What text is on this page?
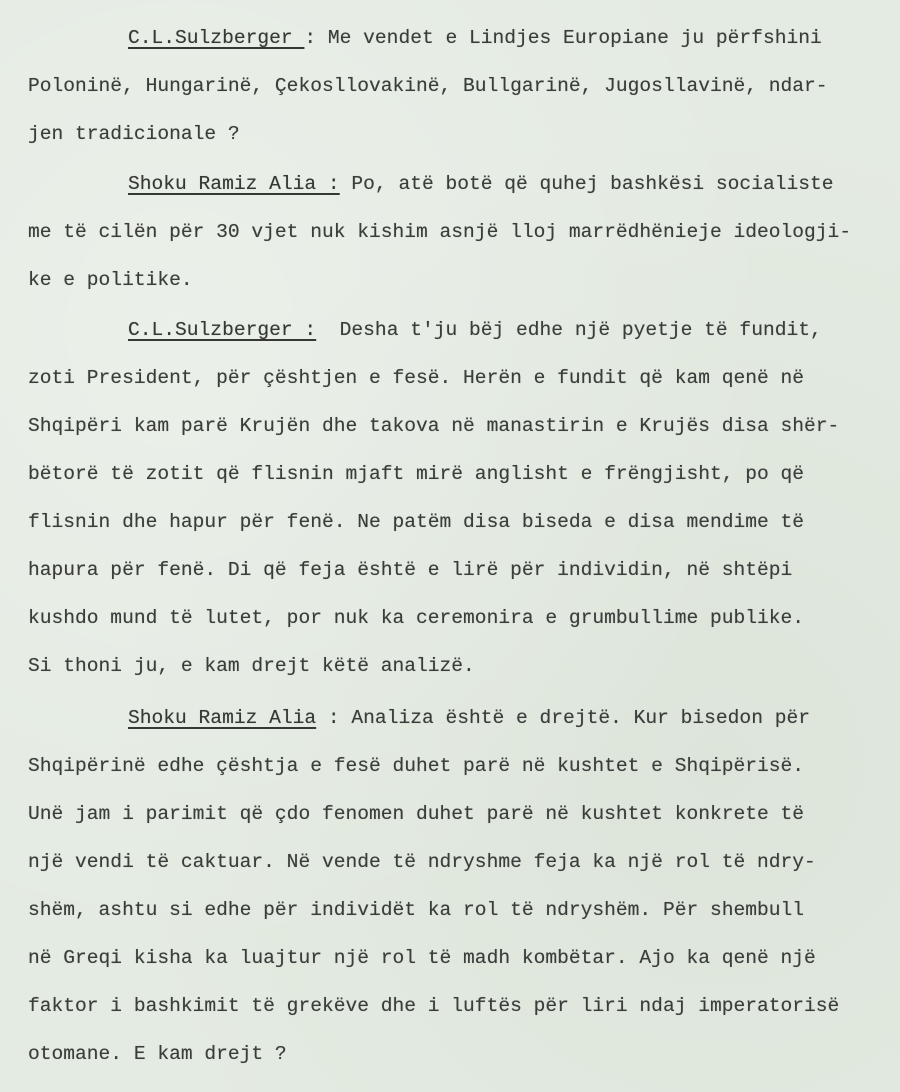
C.L.Sulzberger : Me vendet e Lindjes Europiane ju përfshini
Poloninë, Hungarinë, Çekosllovakinë, Bullgarinë, Jugosllavinë, ndar-
jen tradicionale ?
Shoku Ramiz Alia : Po, atë botë që quhej bashkësi socialiste
me të cilën për 30 vjet nuk kishim asnjë lloj marrëdhënieje ideologji-
ke e politike.
C.L.Sulzberger :  Desha t'ju bëj edhe një pyetje të fundit,
zoti President, për çështjen e fesë. Herën e fundit që kam qenë në
Shqipëri kam parë Krujën dhe takova në manastirin e Krujës disa shër-
bëtorë të zotit që flisnin mjaft mirë anglisht e frëngjisht, po që
flisnin dhe hapur për fenë. Ne patëm disa biseda e disa mendime të
hapura për fenë. Di që feja është e lirë për individin, në shtëpi
kushdo mund të lutet, por nuk ka ceremonira e grumbullime publike.
Si thoni ju, e kam drejt këtë analizë.
Shoku Ramiz Alia : Analiza është e drejtë. Kur bisedon për
Shqipërinë edhe çështja e fesë duhet parë në kushtet e Shqipërisë.
Unë jam i parimit që çdo fenomen duhet parë në kushtet konkrete të
një vendi të caktuar. Në vende të ndryshme feja ka një rol të ndry-
shëm, ashtu si edhe për individët ka rol të ndryshëm. Për shembull
në Greqi kisha ka luajtur një rol të madh kombëtar. Ajo ka qenë një
faktor i bashkimit të grekëve dhe i luftës për liri ndaj imperatorisë
otomane. E kam drejt ?
